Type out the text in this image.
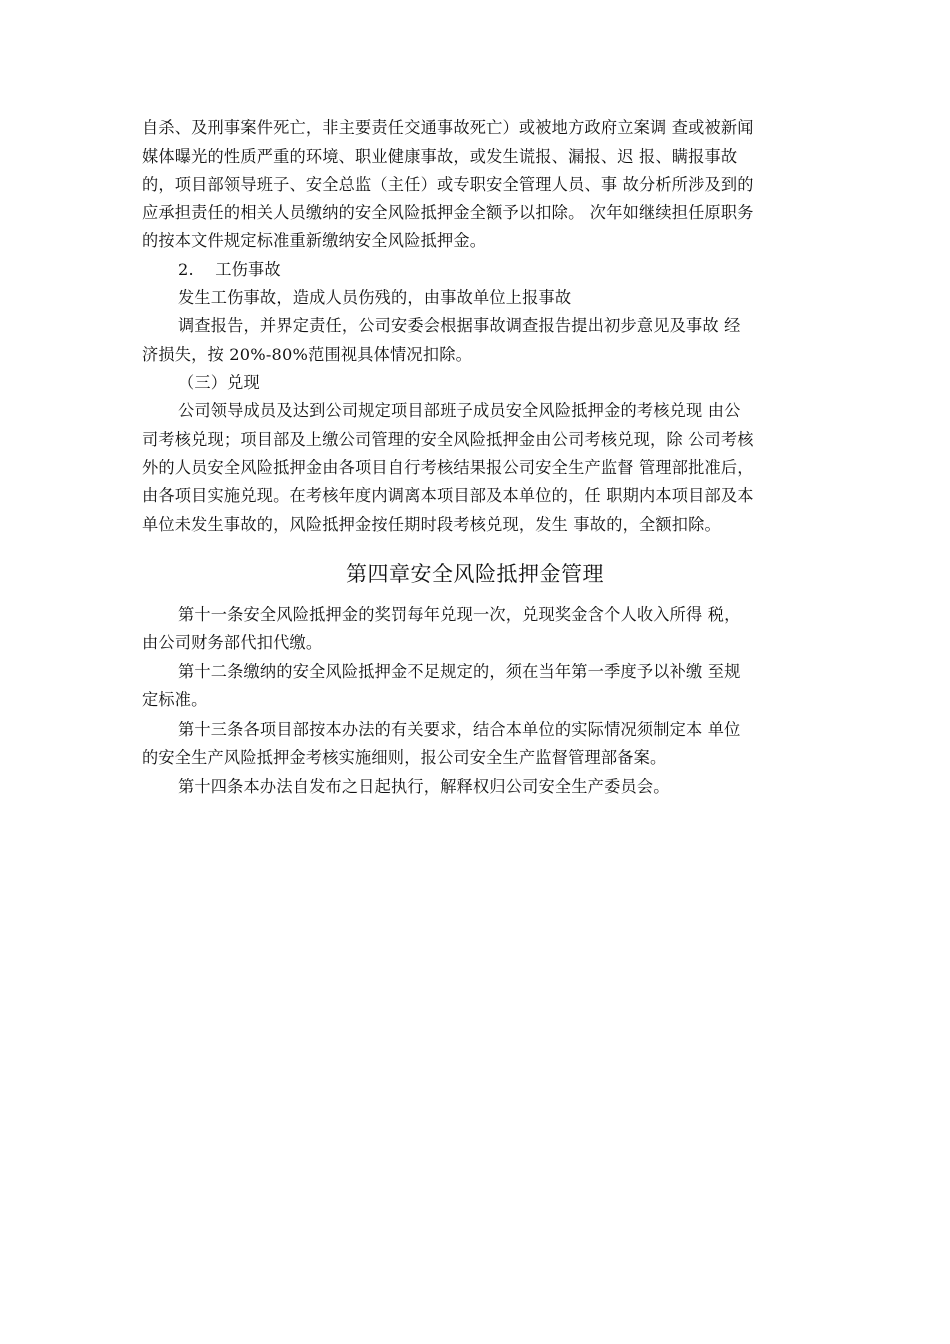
自杀、及刑事案件死亡，非主要责任交通事故死亡）或被地方政府立案调 查或被新闻
媒体曝光的性质严重的环境、职业健康事故，或发生谎报、漏报、迟 报、瞒报事故
的，项目部领导班子、安全总监（主任）或专职安全管理人员、事 故分析所涉及到的
应承担责任的相关人员缴纳的安全风险抵押金全额予以扣除。 次年如继续担任原职务
的按本文件规定标准重新缴纳安全风险抵押金。
2.    工伤事故
发生工伤事故，造成人员伤残的，由事故单位上报事故
调查报告，并界定责任，公司安委会根据事故调查报告提出初步意见及事故 经
济损失，按 20%-80%范围视具体情况扣除。
（三）兑现
公司领导成员及达到公司规定项目部班子成员安全风险抵押金的考核兑现 由公
司考核兑现；项目部及上缴公司管理的安全风险抵押金由公司考核兑现，除 公司考核
外的人员安全风险抵押金由各项目自行考核结果报公司安全生产监督 管理部批准后，
由各项目实施兑现。在考核年度内调离本项目部及本单位的，任 职期内本项目部及本
单位未发生事故的，风险抵押金按任期时段考核兑现，发生 事故的，全额扣除。
第四章安全风险抵押金管理
第十一条安全风险抵押金的奖罚每年兑现一次，兑现奖金含个人收入所得 税，
由公司财务部代扣代缴。
第十二条缴纳的安全风险抵押金不足规定的，须在当年第一季度予以补缴 至规
定标准。
第十三条各项目部按本办法的有关要求，结合本单位的实际情况须制定本 单位
的安全生产风险抵押金考核实施细则，报公司安全生产监督管理部备案。
第十四条本办法自发布之日起执行，解释权归公司安全生产委员会。
